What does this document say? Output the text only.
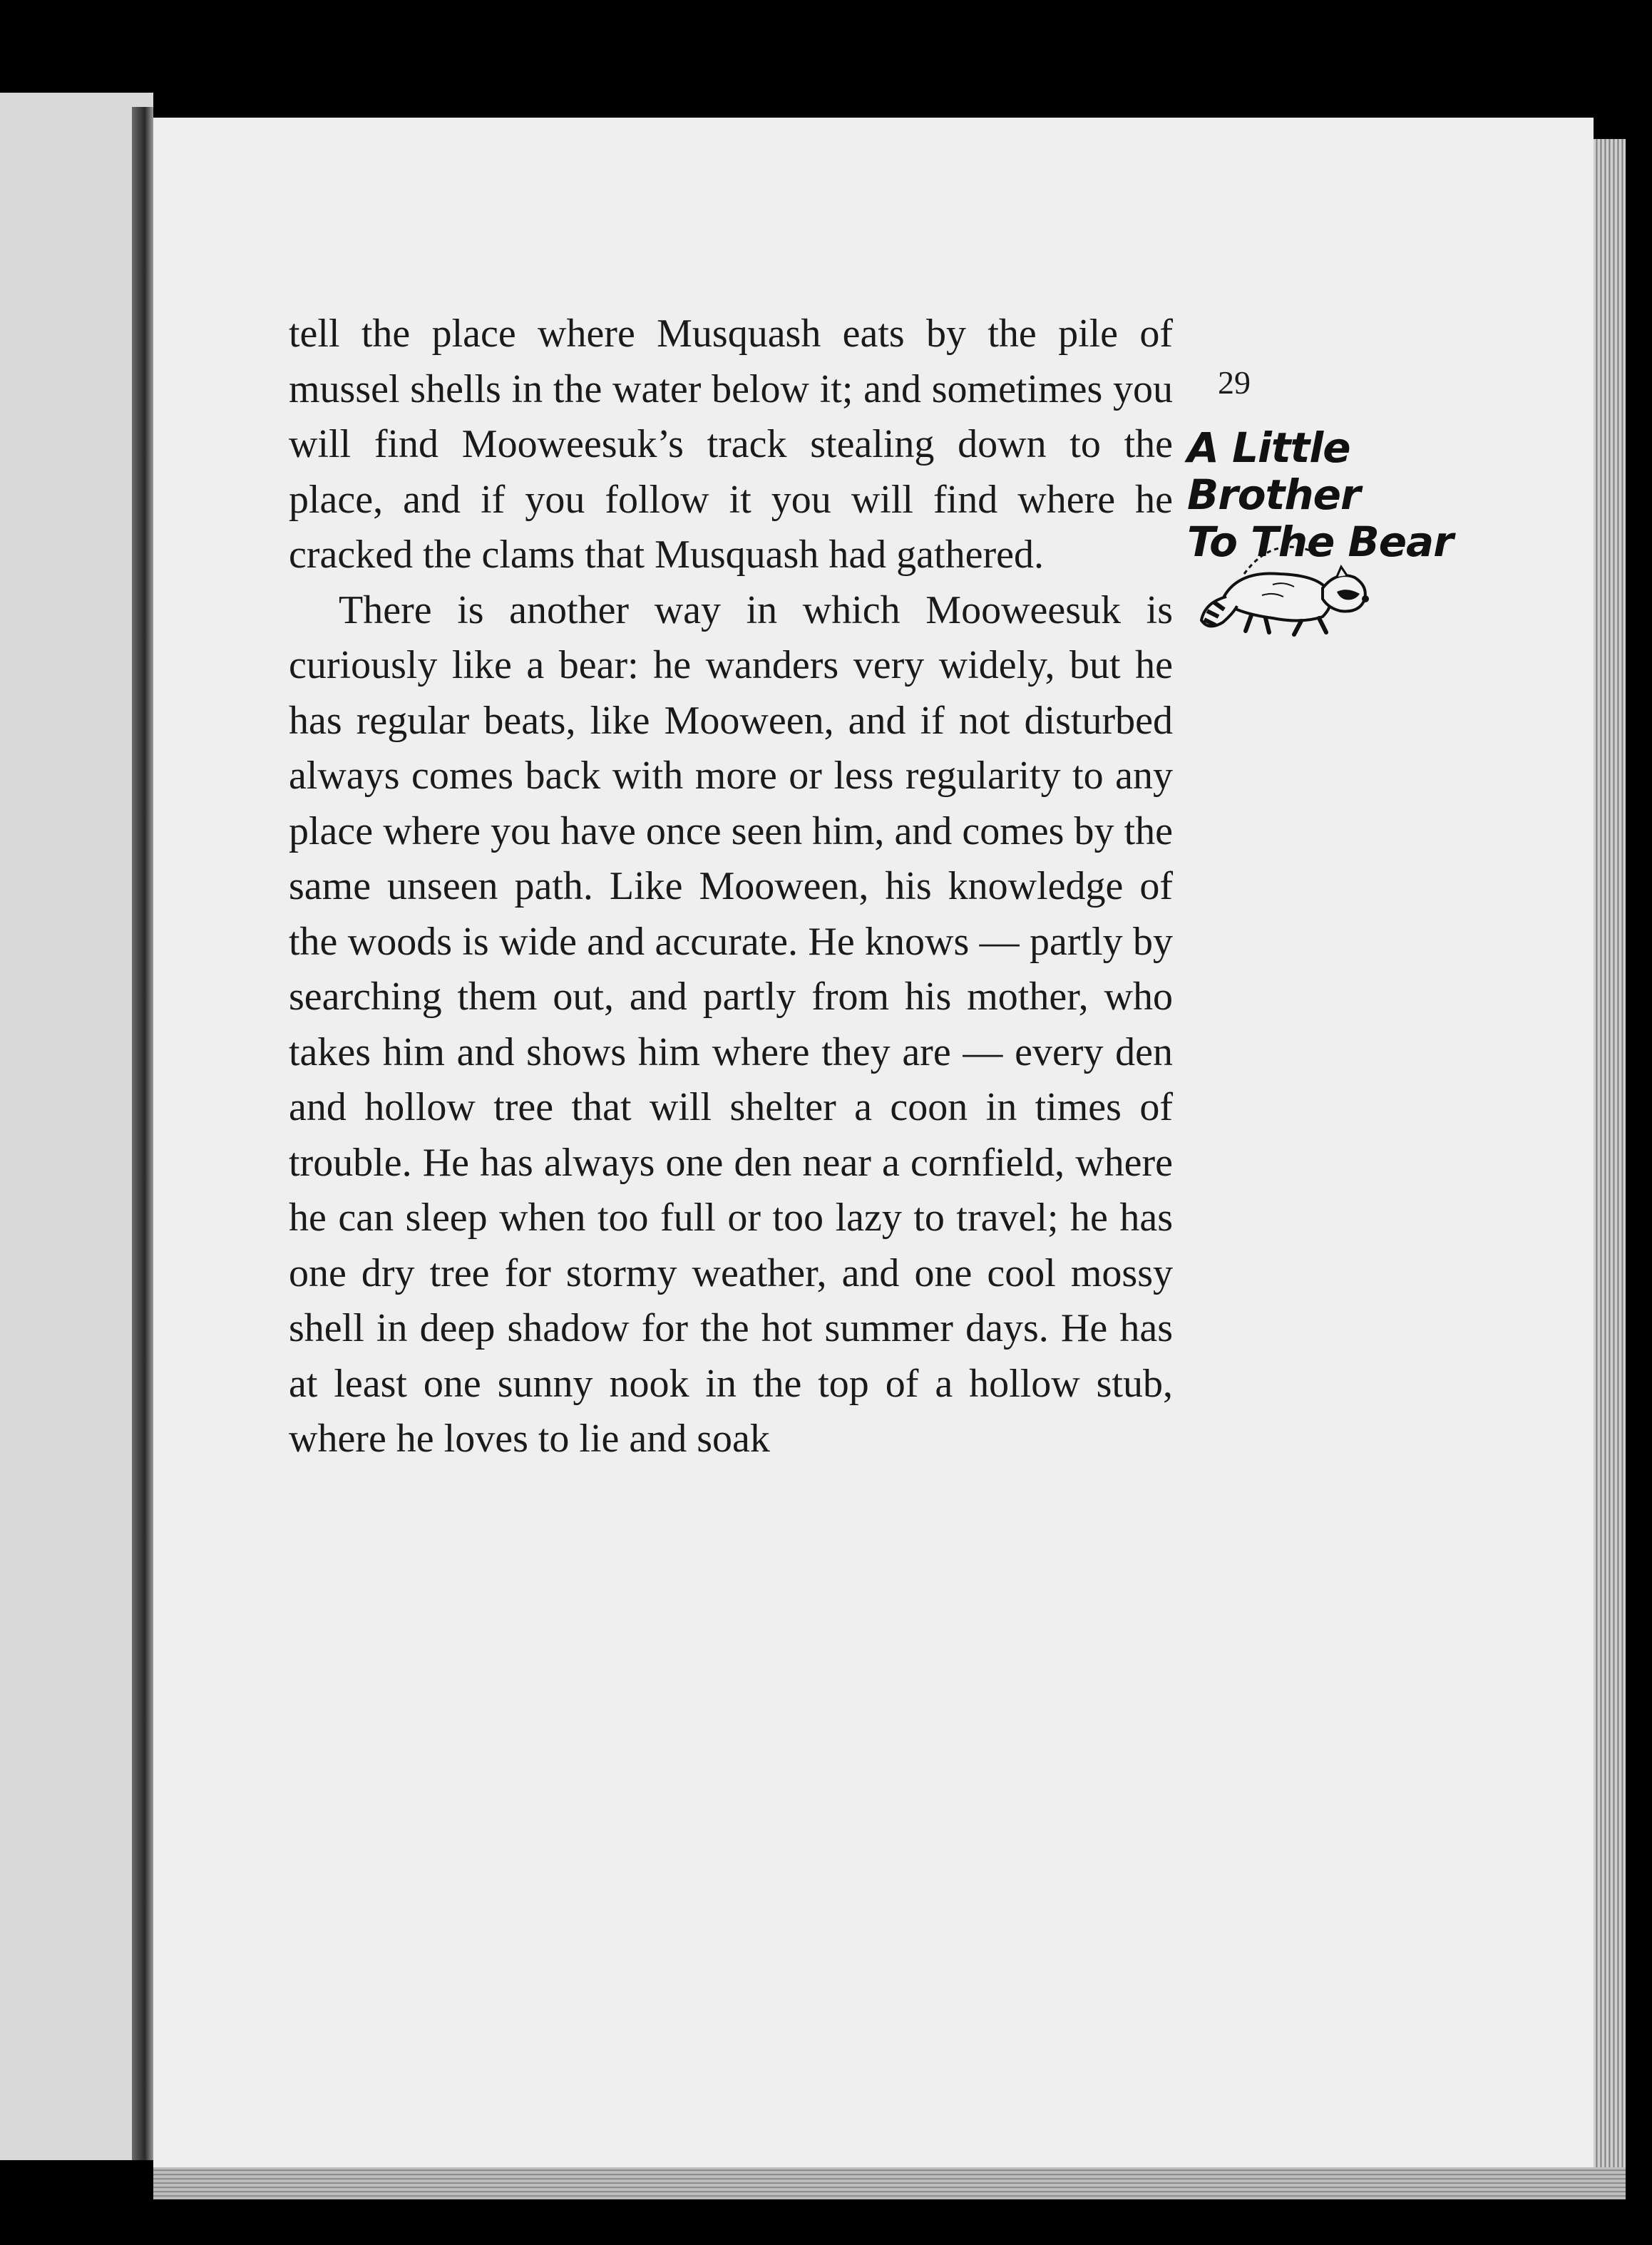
tell the place where Musquash eats by the pile of mussel shells in the water below it; and sometimes you will find Mooweesuk’s track stealing down to the place, and if you follow it you will find where he cracked the clams that Musquash had gathered.

There is another way in which Mooweesuk is curiously like a bear: he wanders very widely, but he has regular beats, like Mooween, and if not disturbed always comes back with more or less regularity to any place where you have once seen him, and comes by the same unseen path. Like Mooween, his knowledge of the woods is wide and accurate. He knows — partly by searching them out, and partly from his mother, who takes him and shows him where they are — every den and hollow tree that will shelter a coon in times of trouble. He has always one den near a cornfield, where he can sleep when too full or too lazy to travel; he has one dry tree for stormy weather, and one cool mossy shell in deep shadow for the hot summer days. He has at least one sunny nook in the top of a hollow stub, where he loves to lie and soak

29
A Little Brother
To The Bear
